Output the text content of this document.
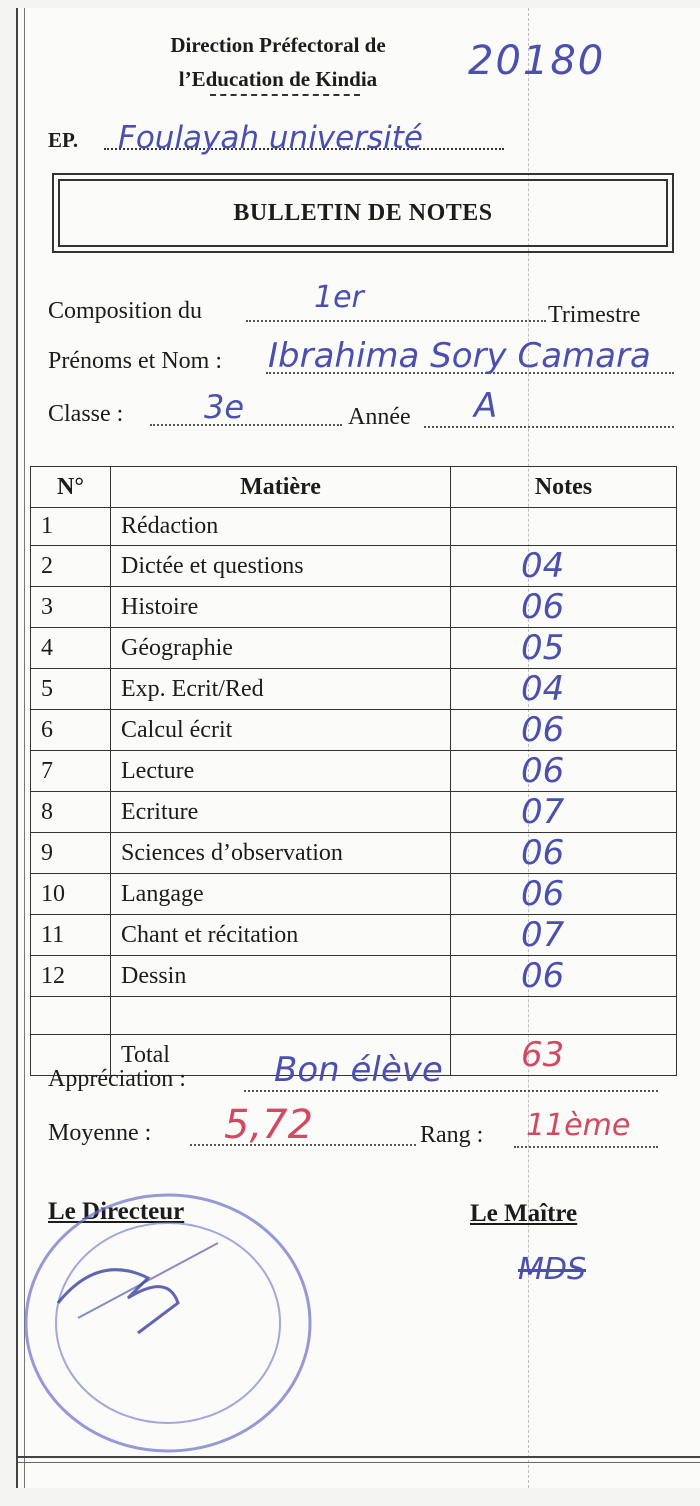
Direction Préfectoral de
l’Education de Kindia	20180
EP. Foulayah université
BULLETIN DE NOTES
Composition du	1er	Trimestre
Prénoms et Nom : Ibrahima Sory Camara
Classe :	3e	Année A
N°	Matière	Notes
1	Rédaction	
2	Dictée et questions	04
3	Histoire	06
4	Géographie	05
5	Exp. Ecrit/Red	04
6	Calcul écrit	06
7	Lecture	06
8	Ecriture	07
9	Sciences d’observation	06
10	Langage	06
11	Chant et récitation	07
12	Dessin	06

	Total	63
Appréciation :	Bon élève
Moyenne : 5,72	Rang : 11ème
Le Directeur	Le Maître
MDS
